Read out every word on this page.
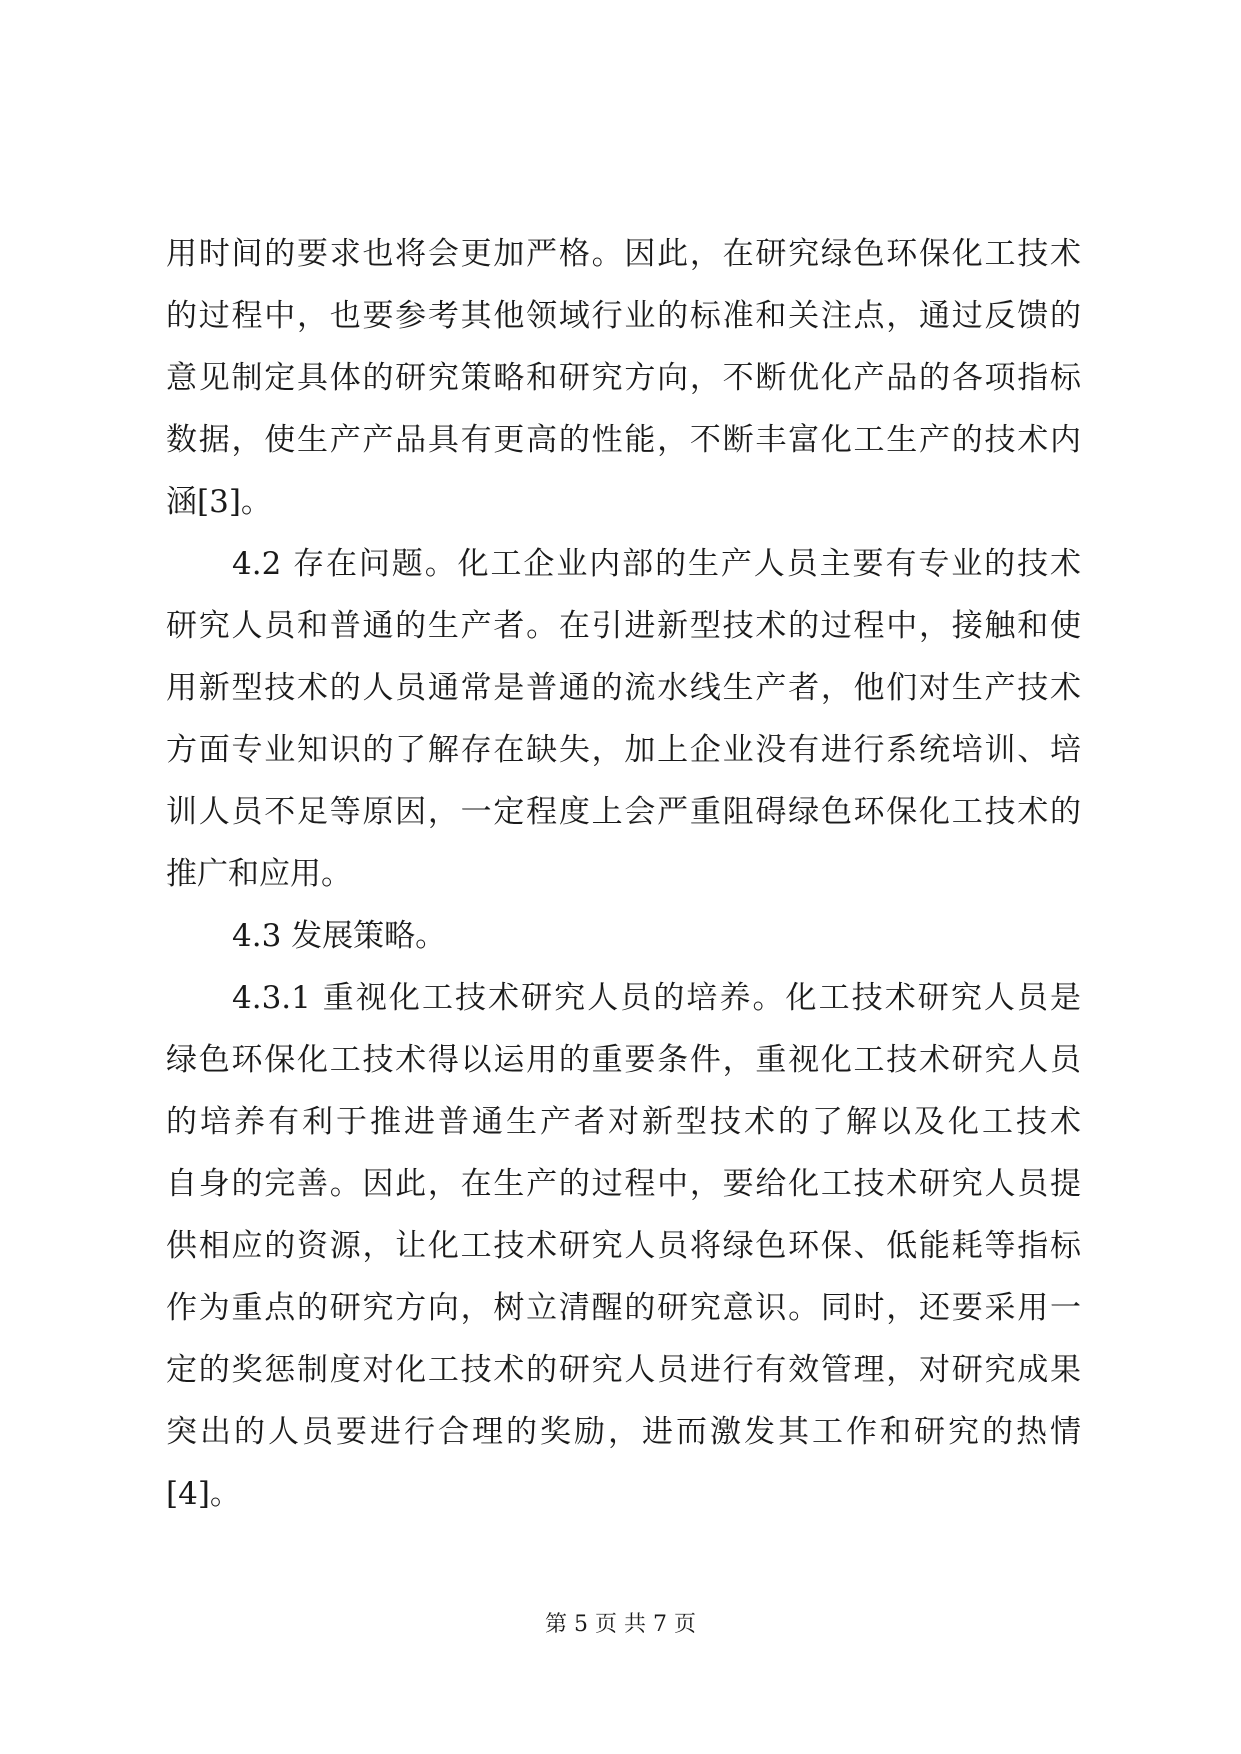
用时间的要求也将会更加严格。因此，在研究绿色环保化工技术
的过程中，也要参考其他领域行业的标准和关注点，通过反馈的
意见制定具体的研究策略和研究方向，不断优化产品的各项指标
数据，使生产产品具有更高的性能，不断丰富化工生产的技术内
涵[3]。
4.2 存在问题。化工企业内部的生产人员主要有专业的技术
研究人员和普通的生产者。在引进新型技术的过程中，接触和使
用新型技术的人员通常是普通的流水线生产者，他们对生产技术
方面专业知识的了解存在缺失，加上企业没有进行系统培训、培
训人员不足等原因，一定程度上会严重阻碍绿色环保化工技术的
推广和应用。
4.3 发展策略。
4.3.1 重视化工技术研究人员的培养。化工技术研究人员是
绿色环保化工技术得以运用的重要条件，重视化工技术研究人员
的培养有利于推进普通生产者对新型技术的了解以及化工技术
自身的完善。因此，在生产的过程中，要给化工技术研究人员提
供相应的资源，让化工技术研究人员将绿色环保、低能耗等指标
作为重点的研究方向，树立清醒的研究意识。同时，还要采用一
定的奖惩制度对化工技术的研究人员进行有效管理，对研究成果
突出的人员要进行合理的奖励，进而激发其工作和研究的热情
[4]。
第 5 页 共 7 页
